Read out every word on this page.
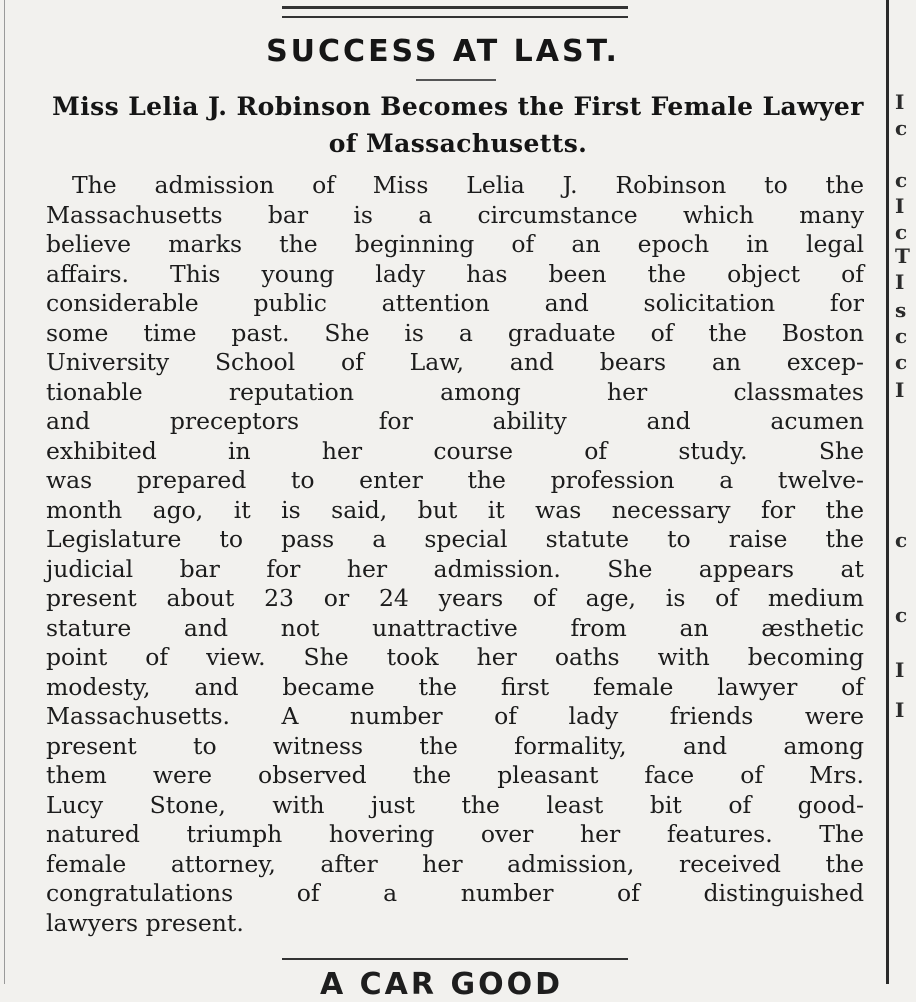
SUCCESS AT LAST.
Miss Lelia J. Robinson Becomes the First Female Lawyer of Massachusetts.
The admission of Miss Lelia J. Robinson to the
Massachusetts bar is a circumstance which many
believe marks the beginning of an epoch in legal
affairs. This young lady has been the object of
considerable public attention and solicitation for
some time past. She is a graduate of the Boston
University School of Law, and bears an excep-
tionable reputation among her classmates
and preceptors for ability and acumen
exhibited in her course of study. She
was prepared to enter the profession a twelve-
month ago, it is said, but it was necessary for the
Legislature to pass a special statute to raise the
judicial bar for her admission. She appears at
present about 23 or 24 years of age, is of medium
stature and not unattractive from an æsthetic
point of view. She took her oaths with becoming
modesty, and became the first female lawyer of
Massachusetts. A number of lady friends were
present to witness the formality, and among
them were observed the pleasant face of Mrs.
Lucy Stone, with just the least bit of good-
natured triumph hovering over her features. The
female attorney, after her admission, received the
congratulations of a number of distinguished
lawyers present.
A CAR GOOD
I
c
c
I
c
T
I
s
c
c
I
c
c
I
I
